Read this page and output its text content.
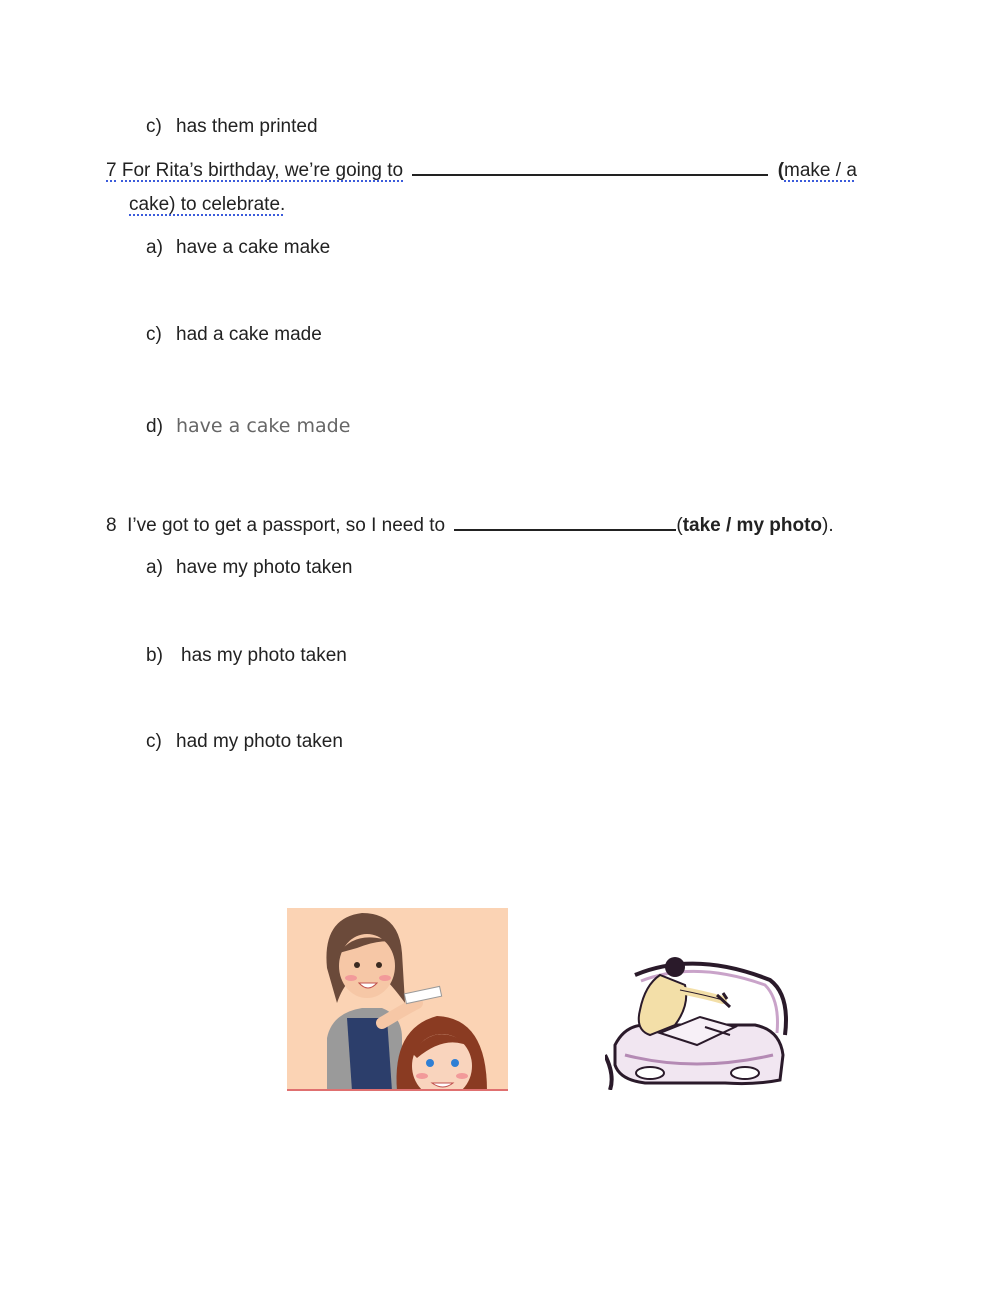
c) has them printed
7 For Rita’s birthday, we’re going to	(make / a
cake) to celebrate.
a) have a cake make
c) had a cake made
d) have a cake made
8 I’ve got to get a passport, so I need to	(take / my photo).
a) have my photo taken
b) has my photo taken
c) had my photo taken
